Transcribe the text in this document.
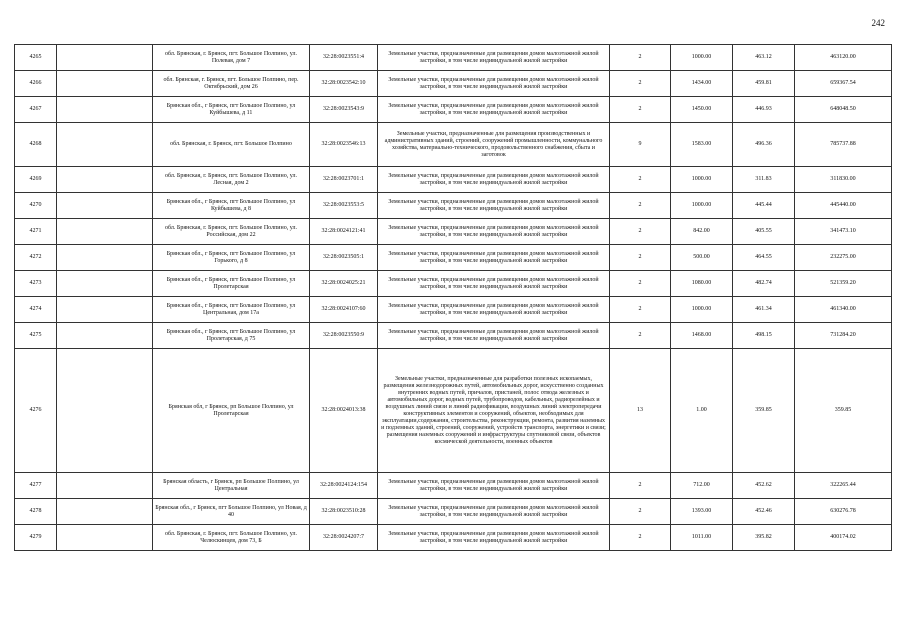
242
4265		обл. Брянская, г. Брянск, пгт. Большое Полпино, ул. Полевая, дом 7	32:28:0023551:4	Земельные участки, предназначенные для размещения домов малоэтажной жилой застройки, в том числе индивидуальной жилой застройки	2	1000.00	463.12	463120.00
4266		обл. Брянская, г. Брянск, пгт. Большое Полпино, пер. Октябрьский, дом 26	32:28:0023542:10	Земельные участки, предназначенные для размещения домов малоэтажной жилой застройки, в том числе индивидуальной жилой застройки	2	1434.00	459.81	659367.54
4267		Брянская обл., г Брянск, пгт Большое Полпино, ул Куйбышева, д 11	32:28:0023543:9	Земельные участки, предназначенные для размещения домов малоэтажной жилой застройки, в том числе индивидуальной жилой застройки	2	1450.00	446.93	648048.50
4268		обл. Брянская, г. Брянск, пгт. Большое Полпино	32:28:0023546:13	Земельные участки, предназначенные для размещения производственных и административных зданий, строений, сооружений промышленности, коммунального хозяйства, материально-технического, продовольственного снабжения, сбыта и заготовок	9	1583.00	496.36	785737.88
4269		обл. Брянская, г. Брянск, пгт. Большое Полпино, ул. Лесная, дом 2	32:28:0023701:1	Земельные участки, предназначенные для размещения домов малоэтажной жилой застройки, в том числе индивидуальной жилой застройки	2	1000.00	311.83	311830.00
4270		Брянская обл., г Брянск, пгт Большое Полпино, ул Куйбышева, д 8	32:28:0023553:5	Земельные участки, предназначенные для размещения домов малоэтажной жилой застройки, в том числе индивидуальной жилой застройки	2	1000.00	445.44	445440.00
4271		обл. Брянская, г. Брянск, пгт. Большое Полпино, ул. Российская, дом 22	32:28:0024121:41	Земельные участки, предназначенные для размещения домов малоэтажной жилой застройки, в том числе индивидуальной жилой застройки	2	842.00	405.55	341473.10
4272		Брянская обл., г Брянск, пгт Большое Полпино, ул Горького, д 8	32:28:0023505:1	Земельные участки, предназначенные для размещения домов малоэтажной жилой застройки, в том числе индивидуальной жилой застройки	2	500.00	464.55	232275.00
4273		Брянская обл., г Брянск, пгт Большое Полпино, ул Пролетарская	32:28:0024025:21	Земельные участки, предназначенные для размещения домов малоэтажной жилой застройки, в том числе индивидуальной жилой застройки	2	1080.00	482.74	521359.20
4274		Брянская обл., г Брянск, пгт Большое Полпино, ул Центральная, дом 17а	32:28:0024107:60	Земельные участки, предназначенные для размещения домов малоэтажной жилой застройки, в том числе индивидуальной жилой застройки	2	1000.00	461.34	461340.00
4275		Брянская обл., г Брянск, пгт Большое Полпино, ул Пролетарская, д 75	32:28:0023550:9	Земельные участки, предназначенные для размещения домов малоэтажной жилой застройки, в том числе индивидуальной жилой застройки	2	1468.00	498.15	731284.20
4276		Брянская обл, г Брянск, рп Большое Полпино, ул Пролетарская	32:28:0024013:38	Земельные участки, предназначенные для разработки полезных ископаемых, размещения железнодорожных путей, автомобильных дорог, искусственно созданных внутренних водных путей, причалов, пристаней, полос отвода железных и автомобильных дорог, водных путей, трубопроводов, кабельных, радиорелейных и воздушных линий связи и линий радиофикации, воздушных линий электропередачи конструктивных элементов и сооружений, объектов, необходимых для эксплуатации,содержания, строительства, реконструкции, ремонта, развития наземных и подземных зданий, строений, сооружений, устройств транспорта, энергетики и связи; размещения наземных сооружений и инфраструктуры спутниковой связи, объектов космической деятельности, военных объектов	13	1.00	359.85	359.85
4277		Брянская область, г Брянск, рп Большое Полпино, ул Центральная	32:28:0024124:154	Земельные участки, предназначенные для размещения домов малоэтажной жилой застройки, в том числе индивидуальной жилой застройки	2	712.00	452.62	322265.44
4278		Брянская обл., г Брянск, пгт Большое Полпино, ул Новая, д 40	32:28:0023510:28	Земельные участки, предназначенные для размещения домов малоэтажной жилой застройки, в том числе индивидуальной жилой застройки	2	1393.00	452.46	630276.78
4279		обл. Брянская, г. Брянск, пгт. Большое Полпино, ул. Челюскинцев, дом 73, Б	32:28:0024207:7	Земельные участки, предназначенные для размещения домов малоэтажной жилой застройки, в том числе индивидуальной жилой застройки	2	1011.00	395.82	400174.02
